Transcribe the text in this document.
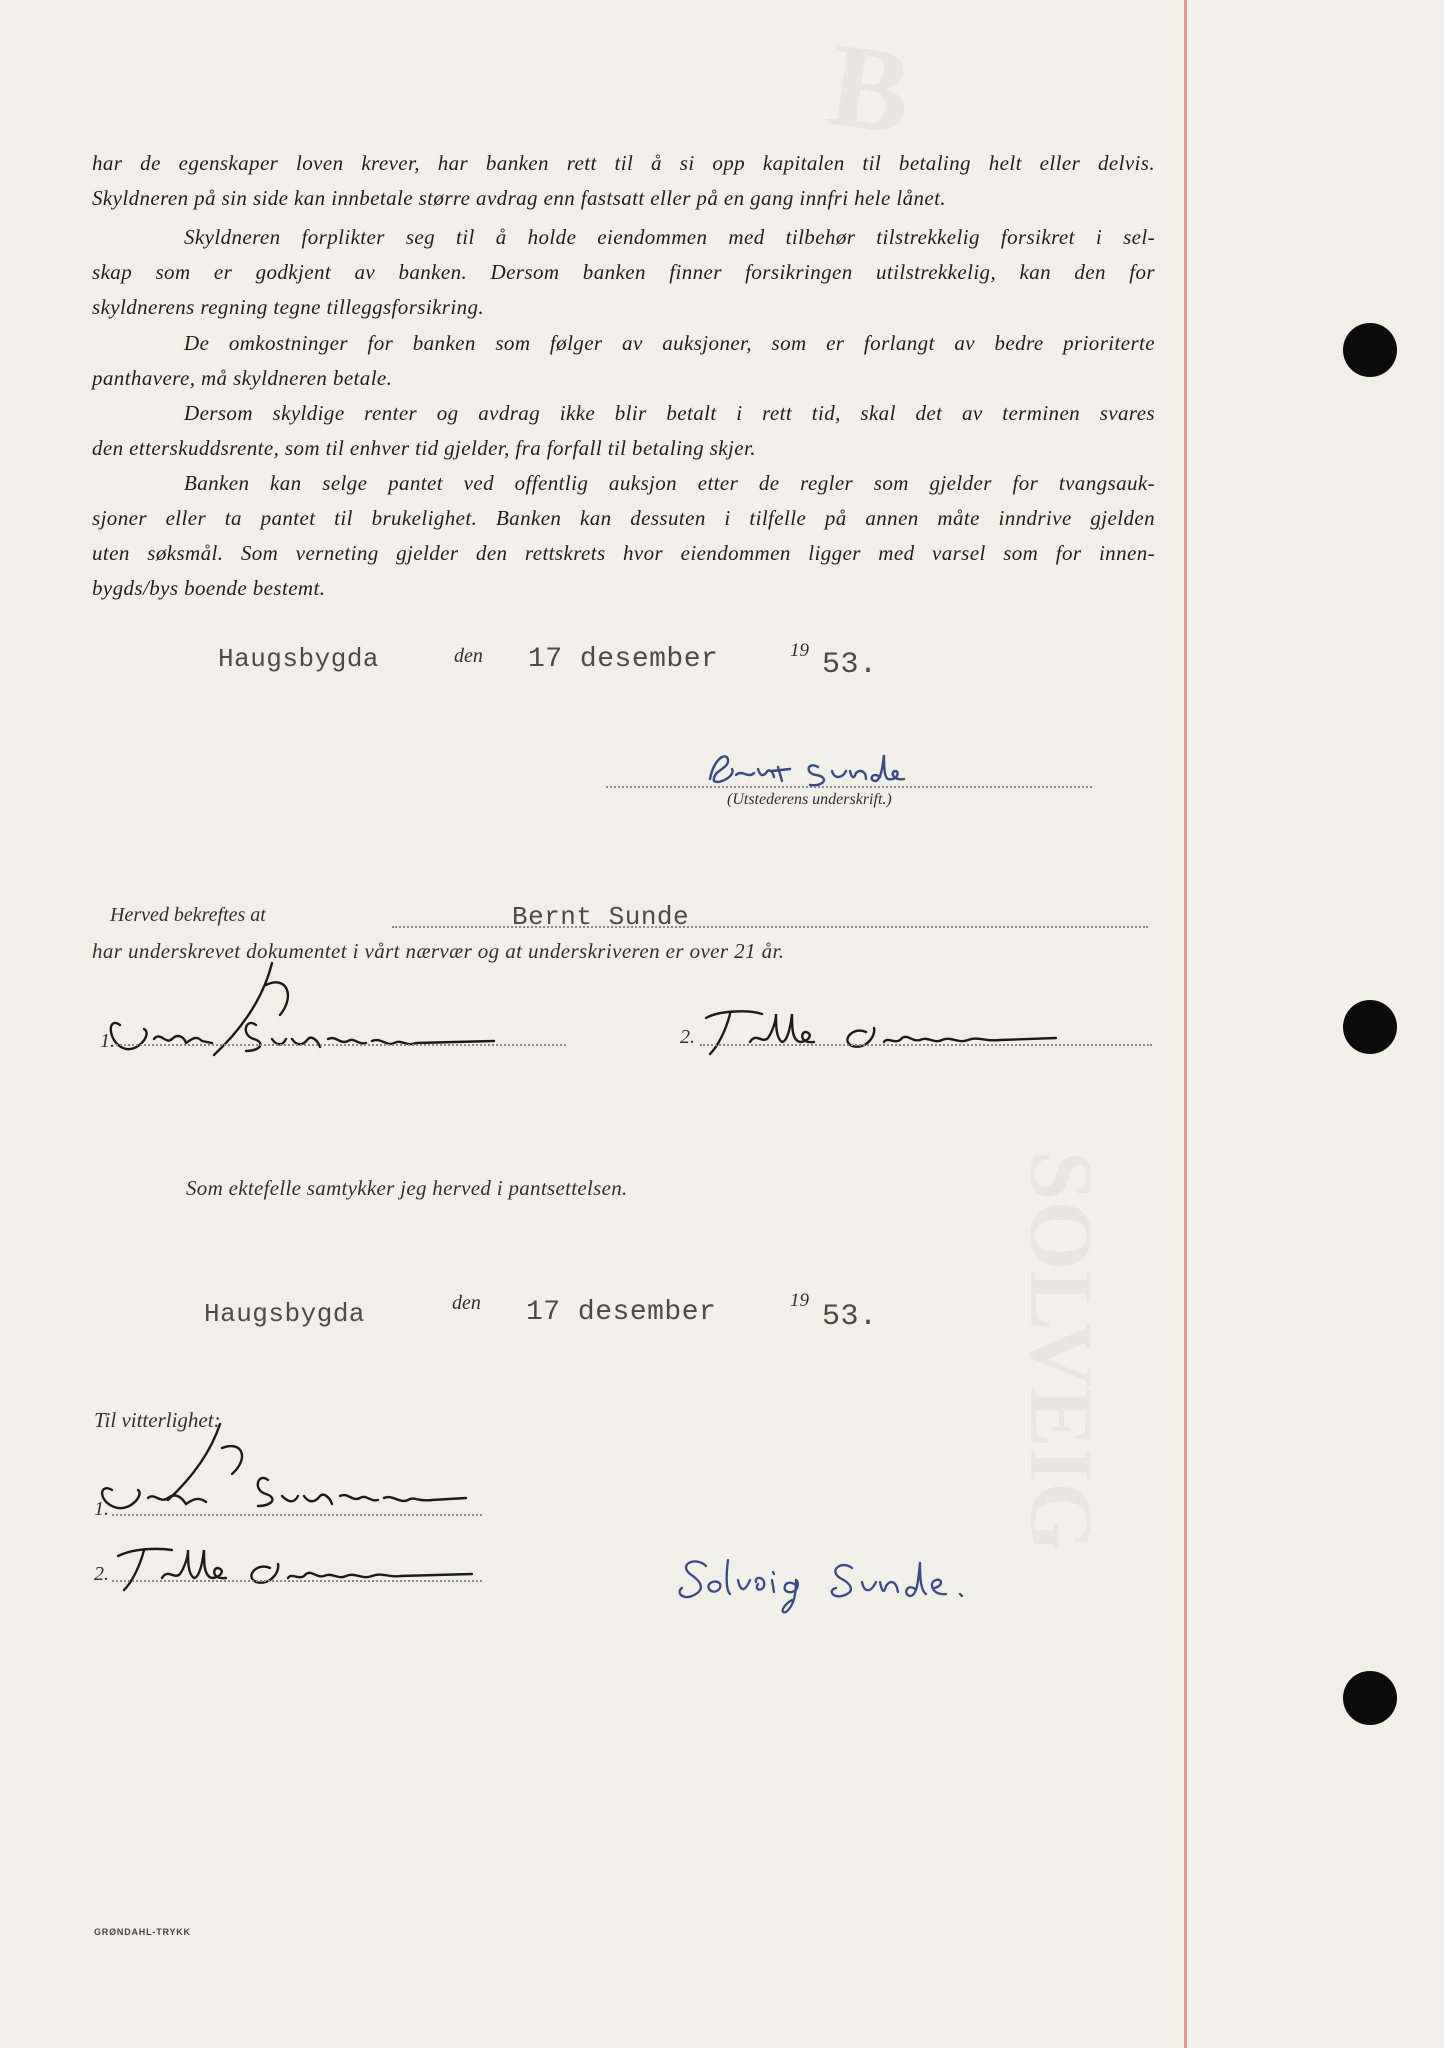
B
SOLVEIG

har de egenskaper loven krever, har banken rett til å si opp kapitalen til betaling helt eller delvis.
Skyldneren på sin side kan innbetale større avdrag enn fastsatt eller på en gang innfri hele lånet.

Skyldneren forplikter seg til å holde eiendommen med tilbehør tilstrekkelig forsikret i sel-
skap som er godkjent av banken. Dersom banken finner forsikringen utilstrekkelig, kan den for
skyldnerens regning tegne tilleggsforsikring.

De omkostninger for banken som følger av auksjoner, som er forlangt av bedre prioriterte
panthavere, må skyldneren betale.

Dersom skyldige renter og avdrag ikke blir betalt i rett tid, skal det av terminen svares
den etterskuddsrente, som til enhver tid gjelder, fra forfall til betaling skjer.

Banken kan selge pantet ved offentlig auksjon etter de regler som gjelder for tvangsauk-
sjoner eller ta pantet til brukelighet. Banken kan dessuten i tilfelle på annen måte inndrive gjelden
uten søksmål. Som verneting gjelder den rettskrets hvor eiendommen ligger med varsel som for innen-
bygds/bys boende bestemt.

Haugsbygda	den 17 desember	19 53.
(Utstederens underskrift.)
Herved bekreftes at	Bernt Sunde
har underskrevet dokumentet i vårt nærvær og at underskriveren er over 21 år.
1.	2.
Som ektefelle samtykker jeg herved i pantsettelsen.
Haugsbygda	den 17 desember	19 53.
Til vitterlighet:
1.
2.
GRØNDAHL-TRYKK
